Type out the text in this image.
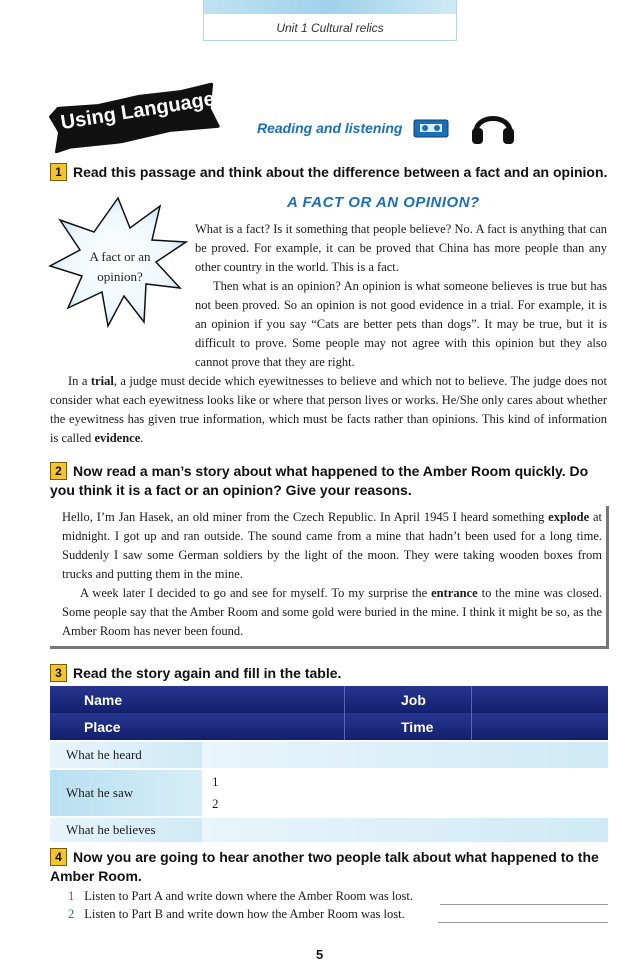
Unit 1 Cultural relics
Using Language	Reading and listening
1 Read this passage and think about the difference between a fact and an opinion.
A FACT OR AN OPINION?
A fact or an opinion?
What is a fact? Is it something that people believe? No. A fact is anything that can be proved. For example, it can be proved that China has more people than any other country in the world. This is a fact.
Then what is an opinion? An opinion is what someone believes is true but has not been proved. So an opinion is not good evidence in a trial. For example, it is an opinion if you say “Cats are better pets than dogs”. It may be true, but it is
difficult to prove. Some people may not agree with this opinion but they also cannot prove that they are right.
In a trial, a judge must decide which eyewitnesses to believe and which not to believe. The judge does not consider what each eyewitness looks like or where that person lives or works. He/She only cares about whether the eyewitness has given true information, which must be facts rather than opinions. This kind of information is called evidence.
2 Now read a man’s story about what happened to the Amber Room quickly. Do you think it is a fact or an opinion? Give your reasons.
Hello, I’m Jan Hasek, an old miner from the Czech Republic. In April 1945 I heard something explode at midnight. I got up and ran outside. The sound came from a mine that hadn’t been used for a long time. Suddenly I saw some German soldiers by the light of the moon. They were taking wooden boxes from trucks and putting them in the mine.
A week later I decided to go and see for myself. To my surprise the entrance to the mine was closed. Some people say that the Amber Room and some gold were buried in the mine. I think it might be so, as the Amber Room has never been found.
3 Read the story again and fill in the table.
Name		Job	
Place		Time	
What he heard	
What he saw	1
2

What he believes	
4 Now you are going to hear another two people talk about what happened to the Amber Room.
1 Listen to Part A and write down where the Amber Room was lost.
2 Listen to Part B and write down how the Amber Room was lost.
5
